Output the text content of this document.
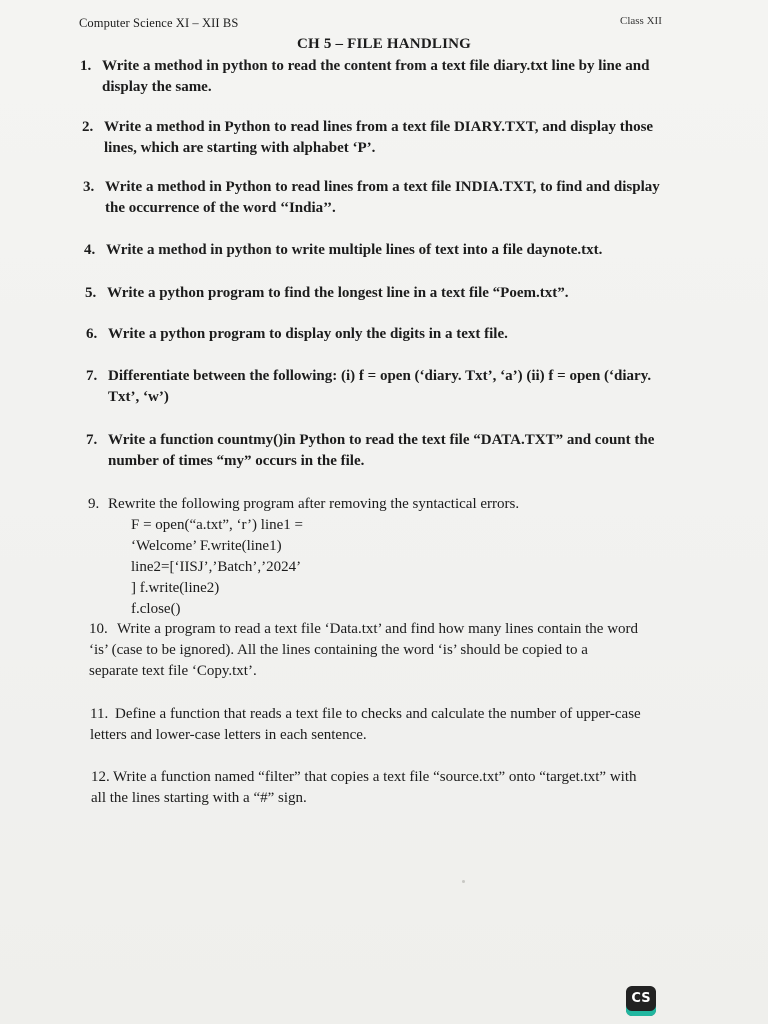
Computer Science XI – XII BS	Class XII
CH 5 – FILE HANDLING
1. Write a method in python to read the content from a text file diary.txt line by line and
display the same.
2. Write a method in Python to read lines from a text file DIARY.TXT, and display those
lines, which are starting with alphabet ‘P’.
3. Write a method in Python to read lines from a text file INDIA.TXT, to find and display
the occurrence of the word ‘‘India’’.
4. Write a method in python to write multiple lines of text into a file daynote.txt.
5. Write a python program to find the longest line in a text file “Poem.txt”.
6. Write a python program to display only the digits in a text file.
7. Differentiate between the following: (i) f = open (‘diary. Txt’, ‘a’) (ii) f = open (‘diary.
Txt’, ‘w’)
7. Write a function countmy()in Python to read the text file “DATA.TXT” and count the
number of times “my” occurs in the file.
9. Rewrite the following program after removing the syntactical errors.
F = open(“a.txt”, ‘r’) line1 =
‘Welcome’ F.write(line1)
line2=[‘IISJ’,’Batch’,’2024’
] f.write(line2)
f.close()
10. Write a program to read a text file ‘Data.txt’ and find how many lines contain the word
‘is’ (case to be ignored). All the lines containing the word ‘is’ should be copied to a
separate text file ‘Copy.txt’.
11. Define a function that reads a text file to checks and calculate the number of upper-case
letters and lower-case letters in each sentence.
12. Write a function named “filter” that copies a text file “source.txt” onto “target.txt” with
all the lines starting with a “#” sign.
CS
